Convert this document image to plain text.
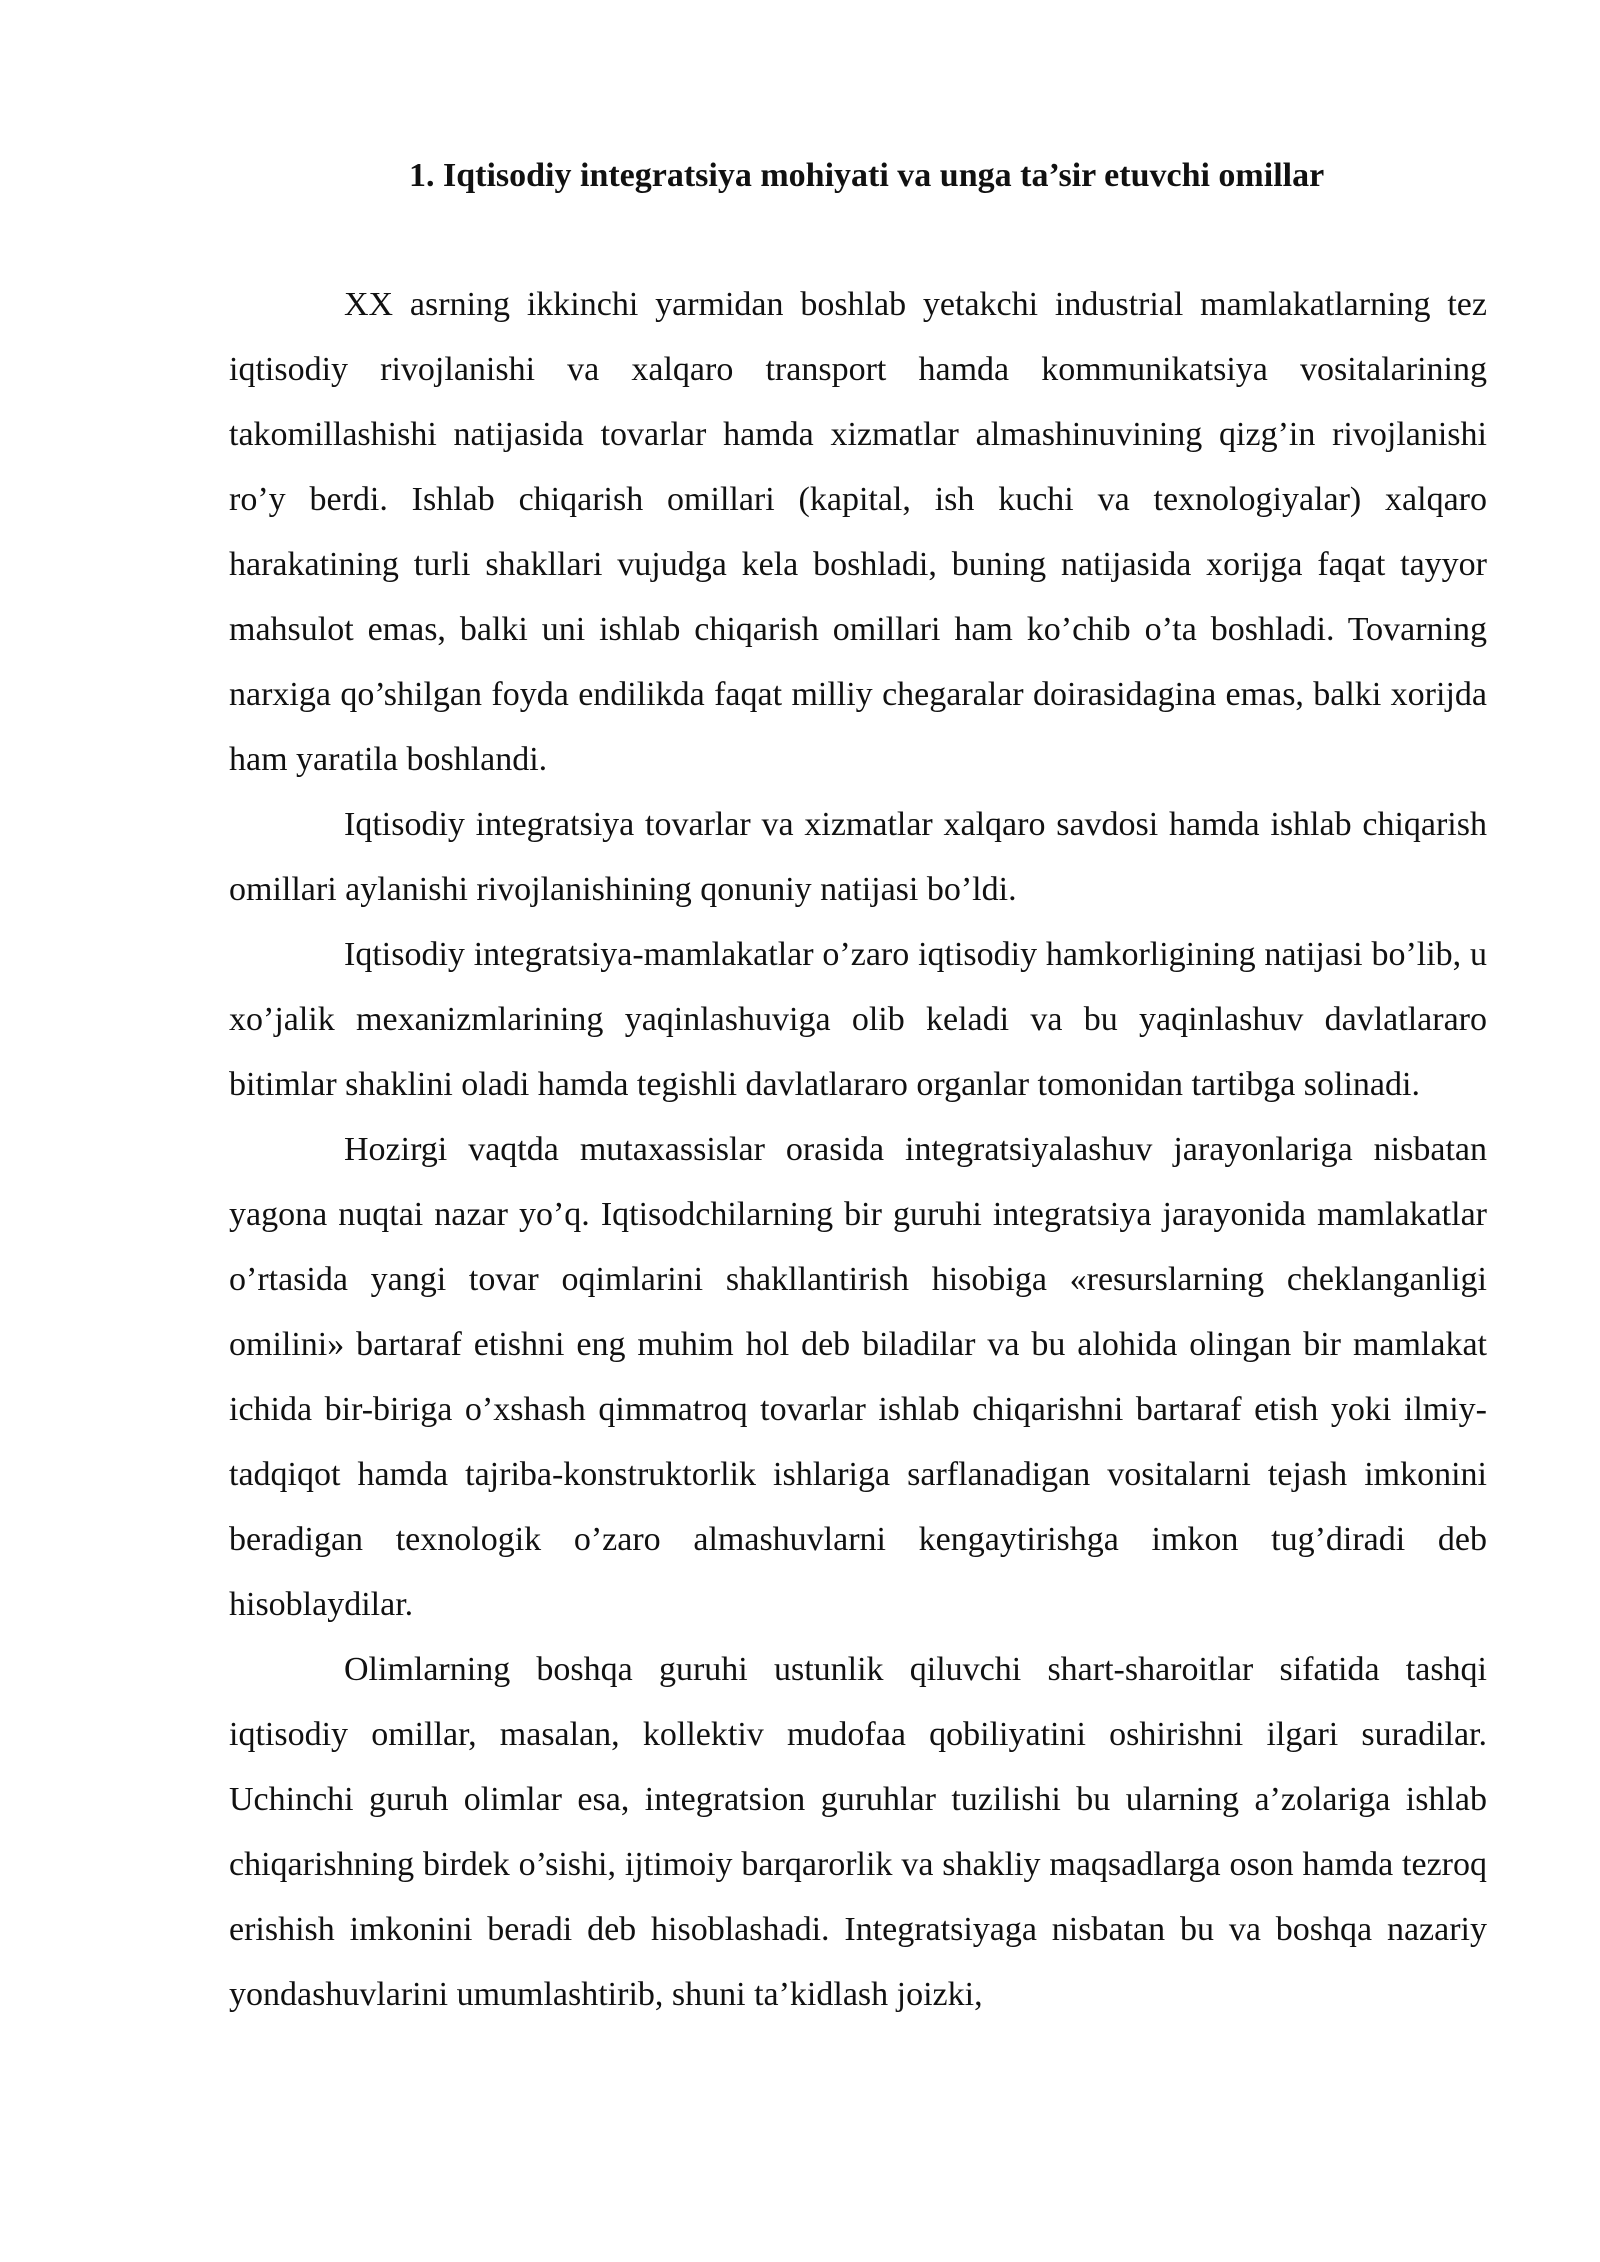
1. Iqtisodiy integratsiya mohiyati va unga ta’sir etuvchi omillar

XX asrning ikkinchi yarmidan boshlab yetakchi industrial mamlakatlarning tez iqtisodiy rivojlanishi va xalqaro transport hamda kommunikatsiya vositalarining takomillashishi natijasida tovarlar hamda xizmatlar almashinuvining qizg’in rivojlanishi ro’y berdi. Ishlab chiqarish omillari (kapital, ish kuchi va texnologiyalar) xalqaro harakatining turli shakllari vujudga kela boshladi, buning natijasida xorijga faqat tayyor mahsulot emas, balki uni ishlab chiqarish omillari ham ko’chib o’ta boshladi. Tovarning narxiga qo’shilgan foyda endilikda faqat milliy chegaralar doirasidagina emas, balki xorijda ham yaratila boshlandi.

Iqtisodiy integratsiya tovarlar va xizmatlar xalqaro savdosi hamda ishlab chiqarish omillari aylanishi rivojlanishining qonuniy natijasi bo’ldi.

Iqtisodiy integratsiya-mamlakatlar o’zaro iqtisodiy hamkorligining natijasi bo’lib, u xo’jalik mexanizmlarining yaqinlashuviga olib keladi va bu yaqinlashuv davlatlararo bitimlar shaklini oladi hamda tegishli davlatlararo organlar tomonidan tartibga solinadi.

Hozirgi vaqtda mutaxassislar orasida integratsiyalashuv jarayonlariga nisbatan yagona nuqtai nazar yo’q. Iqtisodchilarning bir guruhi integratsiya jarayonida mamlakatlar o’rtasida yangi tovar oqimlarini shakllantirish hisobiga «resurslarning cheklanganligi omilini» bartaraf etishni eng muhim hol deb biladilar va bu alohida olingan bir mamlakat ichida bir-biriga o’xshash qimmatroq tovarlar ishlab chiqarishni bartaraf etish yoki ilmiy-tadqiqot hamda tajriba-konstruktorlik ishlariga sarflanadigan vositalarni tejash imkonini beradigan texnologik o’zaro almashuvlarni kengaytirishga imkon tug’diradi deb hisoblaydilar.

Olimlarning boshqa guruhi ustunlik qiluvchi shart-sharoitlar sifatida tashqi iqtisodiy omillar, masalan, kollektiv mudofaa qobiliyatini oshirishni ilgari suradilar. Uchinchi guruh olimlar esa, integratsion guruhlar tuzilishi bu ularning a’zolariga ishlab chiqarishning birdek o’sishi, ijtimoiy barqarorlik va shakliy maqsadlarga oson hamda tezroq erishish imkonini beradi deb hisoblashadi. Integratsiyaga nisbatan bu va boshqa nazariy yondashuvlarini umumlashtirib, shuni ta’kidlash joizki,
